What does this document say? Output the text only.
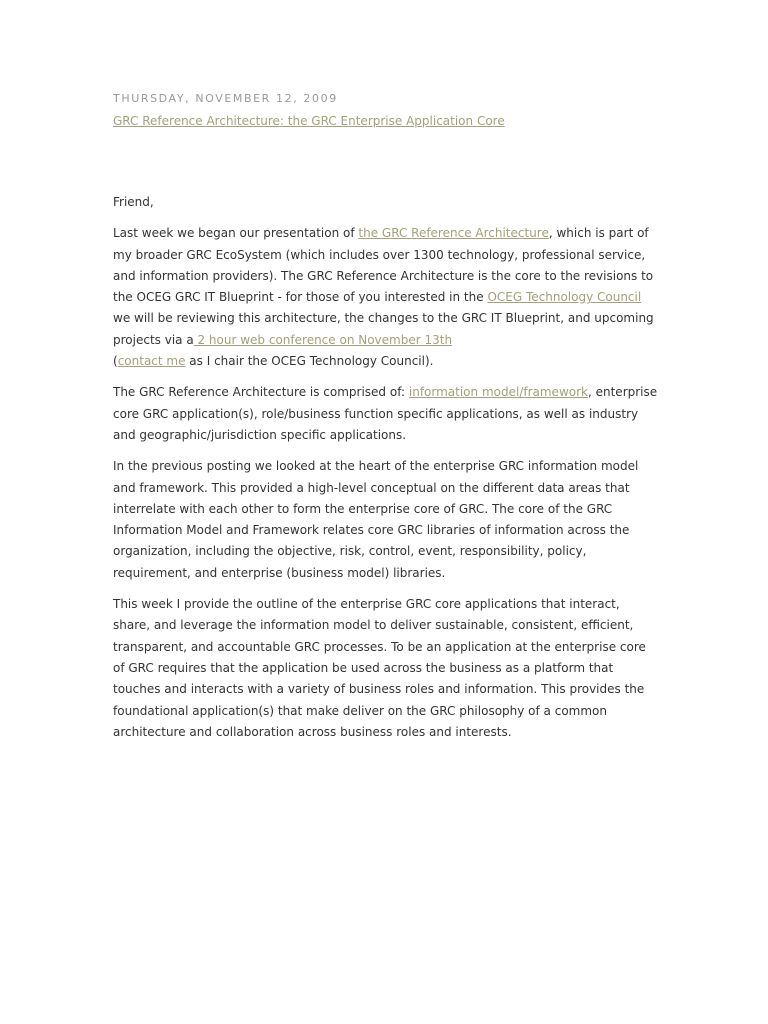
THURSDAY, NOVEMBER 12, 2009
GRC Reference Architecture: the GRC Enterprise Application Core

Friend,

Last week we began our presentation of the GRC Reference Architecture, which is part of my broader GRC EcoSystem (which includes over 1300 technology, professional service, and information providers). The GRC Reference Architecture is the core to the revisions to the OCEG GRC IT Blueprint - for those of you interested in the OCEG Technology Council we will be reviewing this architecture, the changes to the GRC IT Blueprint, and upcoming projects via a 2 hour web conference on November 13th
(contact me as I chair the OCEG Technology Council).

The GRC Reference Architecture is comprised of: information model/framework, enterprise core GRC application(s), role/business function specific applications, as well as industry and geographic/jurisdiction specific applications.

In the previous posting we looked at the heart of the enterprise GRC information model and framework. This provided a high-level conceptual on the different data areas that interrelate with each other to form the enterprise core of GRC. The core of the GRC Information Model and Framework relates core GRC libraries of information across the organization, including the objective, risk, control, event, responsibility, policy, requirement, and enterprise (business model) libraries.

This week I provide the outline of the enterprise GRC core applications that interact, share, and leverage the information model to deliver sustainable, consistent, efficient, transparent, and accountable GRC processes. To be an application at the enterprise core of GRC requires that the application be used across the business as a platform that touches and interacts with a variety of business roles and information. This provides the foundational application(s) that make deliver on the GRC philosophy of a common architecture and collaboration across business roles and interests.
